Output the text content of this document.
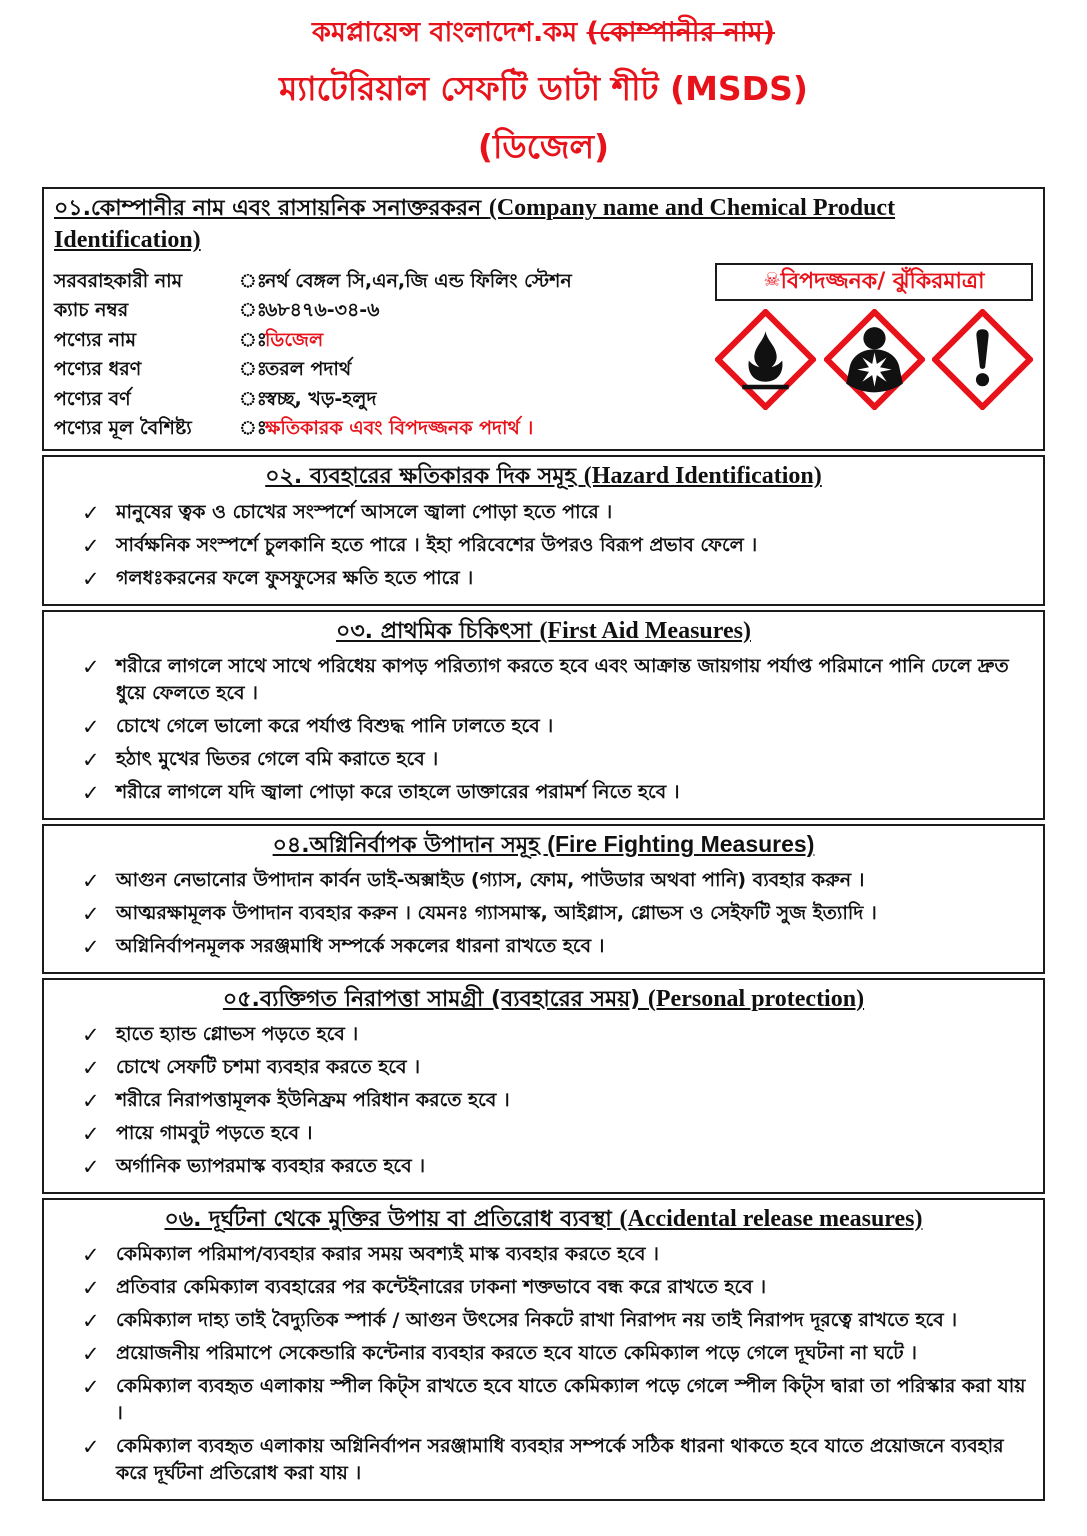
কমপ্লায়েন্স বাংলাদেশ.কম (কোম্পানীর নাম)
ম্যাটেরিয়াল সেফটি ডাটা শীট (MSDS)
(ডিজেল)
০১.কোম্পানীর নাম এবং রাসায়নিক সনাক্তরকরন (Company name and Chemical Product Identification)
সরবরাহকারী নাম	ঃ
নর্থ বেঙ্গল সি,এন,জি এন্ড ফিলিং স্টেশন
ক্যাচ নম্বর	ঃ
৬৮৪৭৬-৩৪-৬
পণ্যের নাম	ঃ
ডিজেল
পণ্যের ধরণ	ঃ
তরল পদার্থ
পণ্যের বর্ণ	ঃ
স্বচ্ছ, খড়-হলুদ
পণ্যের মূল বৈশিষ্ট্য	ঃ
ক্ষতিকারক এবং বিপদজ্জনক পদার্থ ।
☠বিপদজ্জনক/ ঝুঁকিরমাত্রা
০২. ব্যবহারের ক্ষতিকারক দিক সমূহ (Hazard Identification)
✓ মানুষের ত্বক ও চোখের সংস্পর্শে আসলে জ্বালা পোড়া হতে পারে ।
✓ সার্বক্ষনিক সংস্পর্শে চুলকানি হতে পারে । ইহা পরিবেশের উপরও বিরূপ প্রভাব ফেলে ।
✓ গলধঃকরনের ফলে ফুসফুসের ক্ষতি হতে পারে ।
০৩. প্রাথমিক চিকিৎসা (First Aid Measures)
✓ শরীরে লাগলে সাথে সাথে পরিধেয় কাপড় পরিত্যাগ করতে হবে এবং আক্রান্ত জায়গায় পর্যাপ্ত পরিমানে পানি ঢেলে দ্রুত ধুয়ে ফেলতে হবে ।
✓ চোখে গেলে ভালো করে পর্যাপ্ত বিশুদ্ধ পানি ঢালতে হবে ।
✓ হঠাৎ মুখের ভিতর গেলে বমি করাতে হবে ।
✓ শরীরে লাগলে যদি জ্বালা পোড়া করে তাহলে ডাক্তারের পরামর্শ নিতে হবে ।
০৪.অগ্নিনির্বাপক উপাদান সমূহ (Fire Fighting Measures)
✓ আগুন নেভানোর উপাদান কার্বন ডাই-অক্সাইড (গ্যাস, ফোম, পাউডার অথবা পানি) ব্যবহার করুন ।
✓ আত্মরক্ষামূলক উপাদান ব্যবহার করুন । যেমনঃ গ্যাসমাস্ক, আইগ্লাস, গ্লোভস ও সেইফটি সুজ ইত্যাদি ।
✓ অগ্নিনির্বাপনমূলক সরঞ্জমাধি সম্পর্কে সকলের ধারনা রাখতে হবে ।
০৫.ব্যক্তিগত নিরাপত্তা সামগ্রী (ব্যবহারের সময়) (Personal protection)
✓ হাতে হ্যান্ড গ্লোভস পড়তে হবে ।
✓ চোখে সেফটি চশমা ব্যবহার করতে হবে ।
✓ শরীরে নিরাপত্তামূলক ইউনিফ্রম পরিধান করতে হবে ।
✓ পায়ে গামবুট পড়তে হবে ।
✓ অর্গানিক ভ্যাপরমাস্ক ব্যবহার করতে হবে ।
০৬. দূর্ঘটনা থেকে মুক্তির উপায় বা প্রতিরোধ ব্যবস্থা (Accidental release measures)
✓ কেমিক্যাল পরিমাপ/ব্যবহার করার সময় অবশ্যই মাস্ক ব্যবহার করতে হবে ।
✓ প্রতিবার কেমিক্যাল ব্যবহারের পর কন্টেইনারের ঢাকনা শক্তভাবে বন্ধ করে রাখতে হবে ।
✓ কেমিক্যাল দাহ্য তাই বৈদ্যুতিক স্পার্ক / আগুন উৎসের নিকটে রাখা নিরাপদ নয় তাই নিরাপদ দূরত্বে রাখতে হবে ।
✓ প্রয়োজনীয় পরিমাপে সেকেন্ডারি কন্টেনার ব্যবহার করতে হবে যাতে কেমিক্যাল পড়ে গেলে দূঘটনা না ঘটে ।
✓ কেমিক্যাল ব্যবহৃত এলাকায় স্পীল কিট্স রাখতে হবে যাতে কেমিক্যাল পড়ে গেলে স্পীল কিট্স দ্বারা তা পরিস্কার করা যায় ।
✓ কেমিক্যাল ব্যবহৃত এলাকায় অগ্নিনির্বাপন সরঞ্জামাধি ব্যবহার সম্পর্কে সঠিক ধারনা থাকতে হবে যাতে প্রয়োজনে ব্যবহার করে দূর্ঘটনা প্রতিরোধ করা যায় ।
